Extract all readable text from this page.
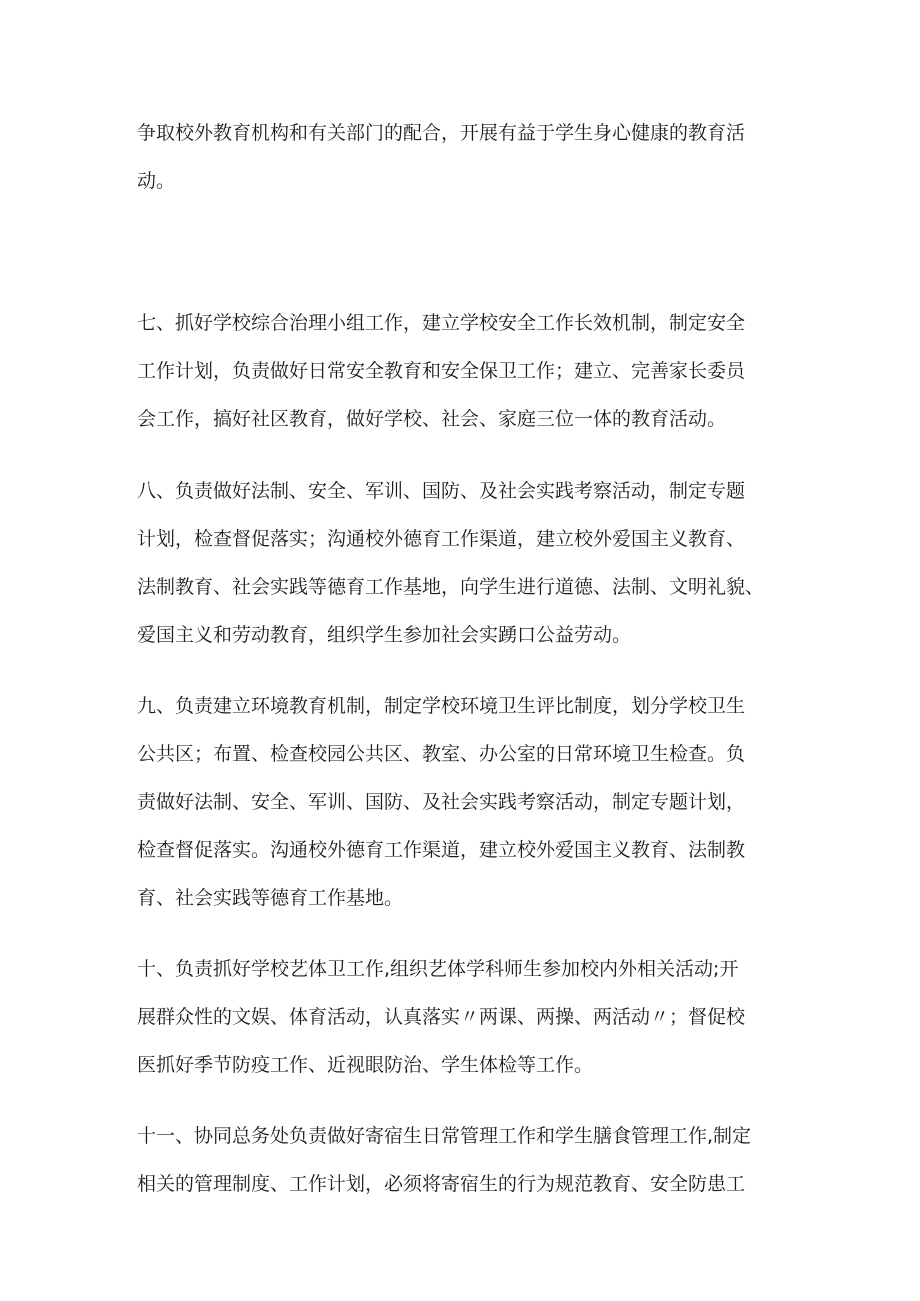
争取校外教育机构和有关部门的配合，开展有益于学生身心健康的教育活
动。

七、抓好学校综合治理小组工作，建立学校安全工作长效机制，制定安全
工作计划，负责做好日常安全教育和安全保卫工作；建立、完善家长委员
会工作，搞好社区教育，做好学校、社会、家庭三位一体的教育活动。

八、负责做好法制、安全、军训、国防、及社会实践考察活动，制定专题
计划，检查督促落实；沟通校外德育工作渠道，建立校外爱国主义教育、
法制教育、社会实践等德育工作基地，向学生进行道德、法制、文明礼貌、
爱国主义和劳动教育，组织学生参加社会实踴口公益劳动。

九、负责建立环境教育机制，制定学校环境卫生评比制度，划分学校卫生
公共区；布置、检查校园公共区、教室、办公室的日常环境卫生检查。负
责做好法制、安全、军训、国防、及社会实践考察活动，制定专题计划，
检查督促落实。沟通校外德育工作渠道，建立校外爱国主义教育、法制教
育、社会实践等德育工作基地。

十、负责抓好学校艺体卫工作,组织艺体学科师生参加校内外相关活动;开
展群众性的文娱、体育活动，认真落实〃两课、两操、两活动〃；督促校
医抓好季节防疫工作、近视眼防治、学生体检等工作。

十一、协同总务处负责做好寄宿生日常管理工作和学生膳食管理工作,制定
相关的管理制度、工作计划，必须将寄宿生的行为规范教育、安全防患工
